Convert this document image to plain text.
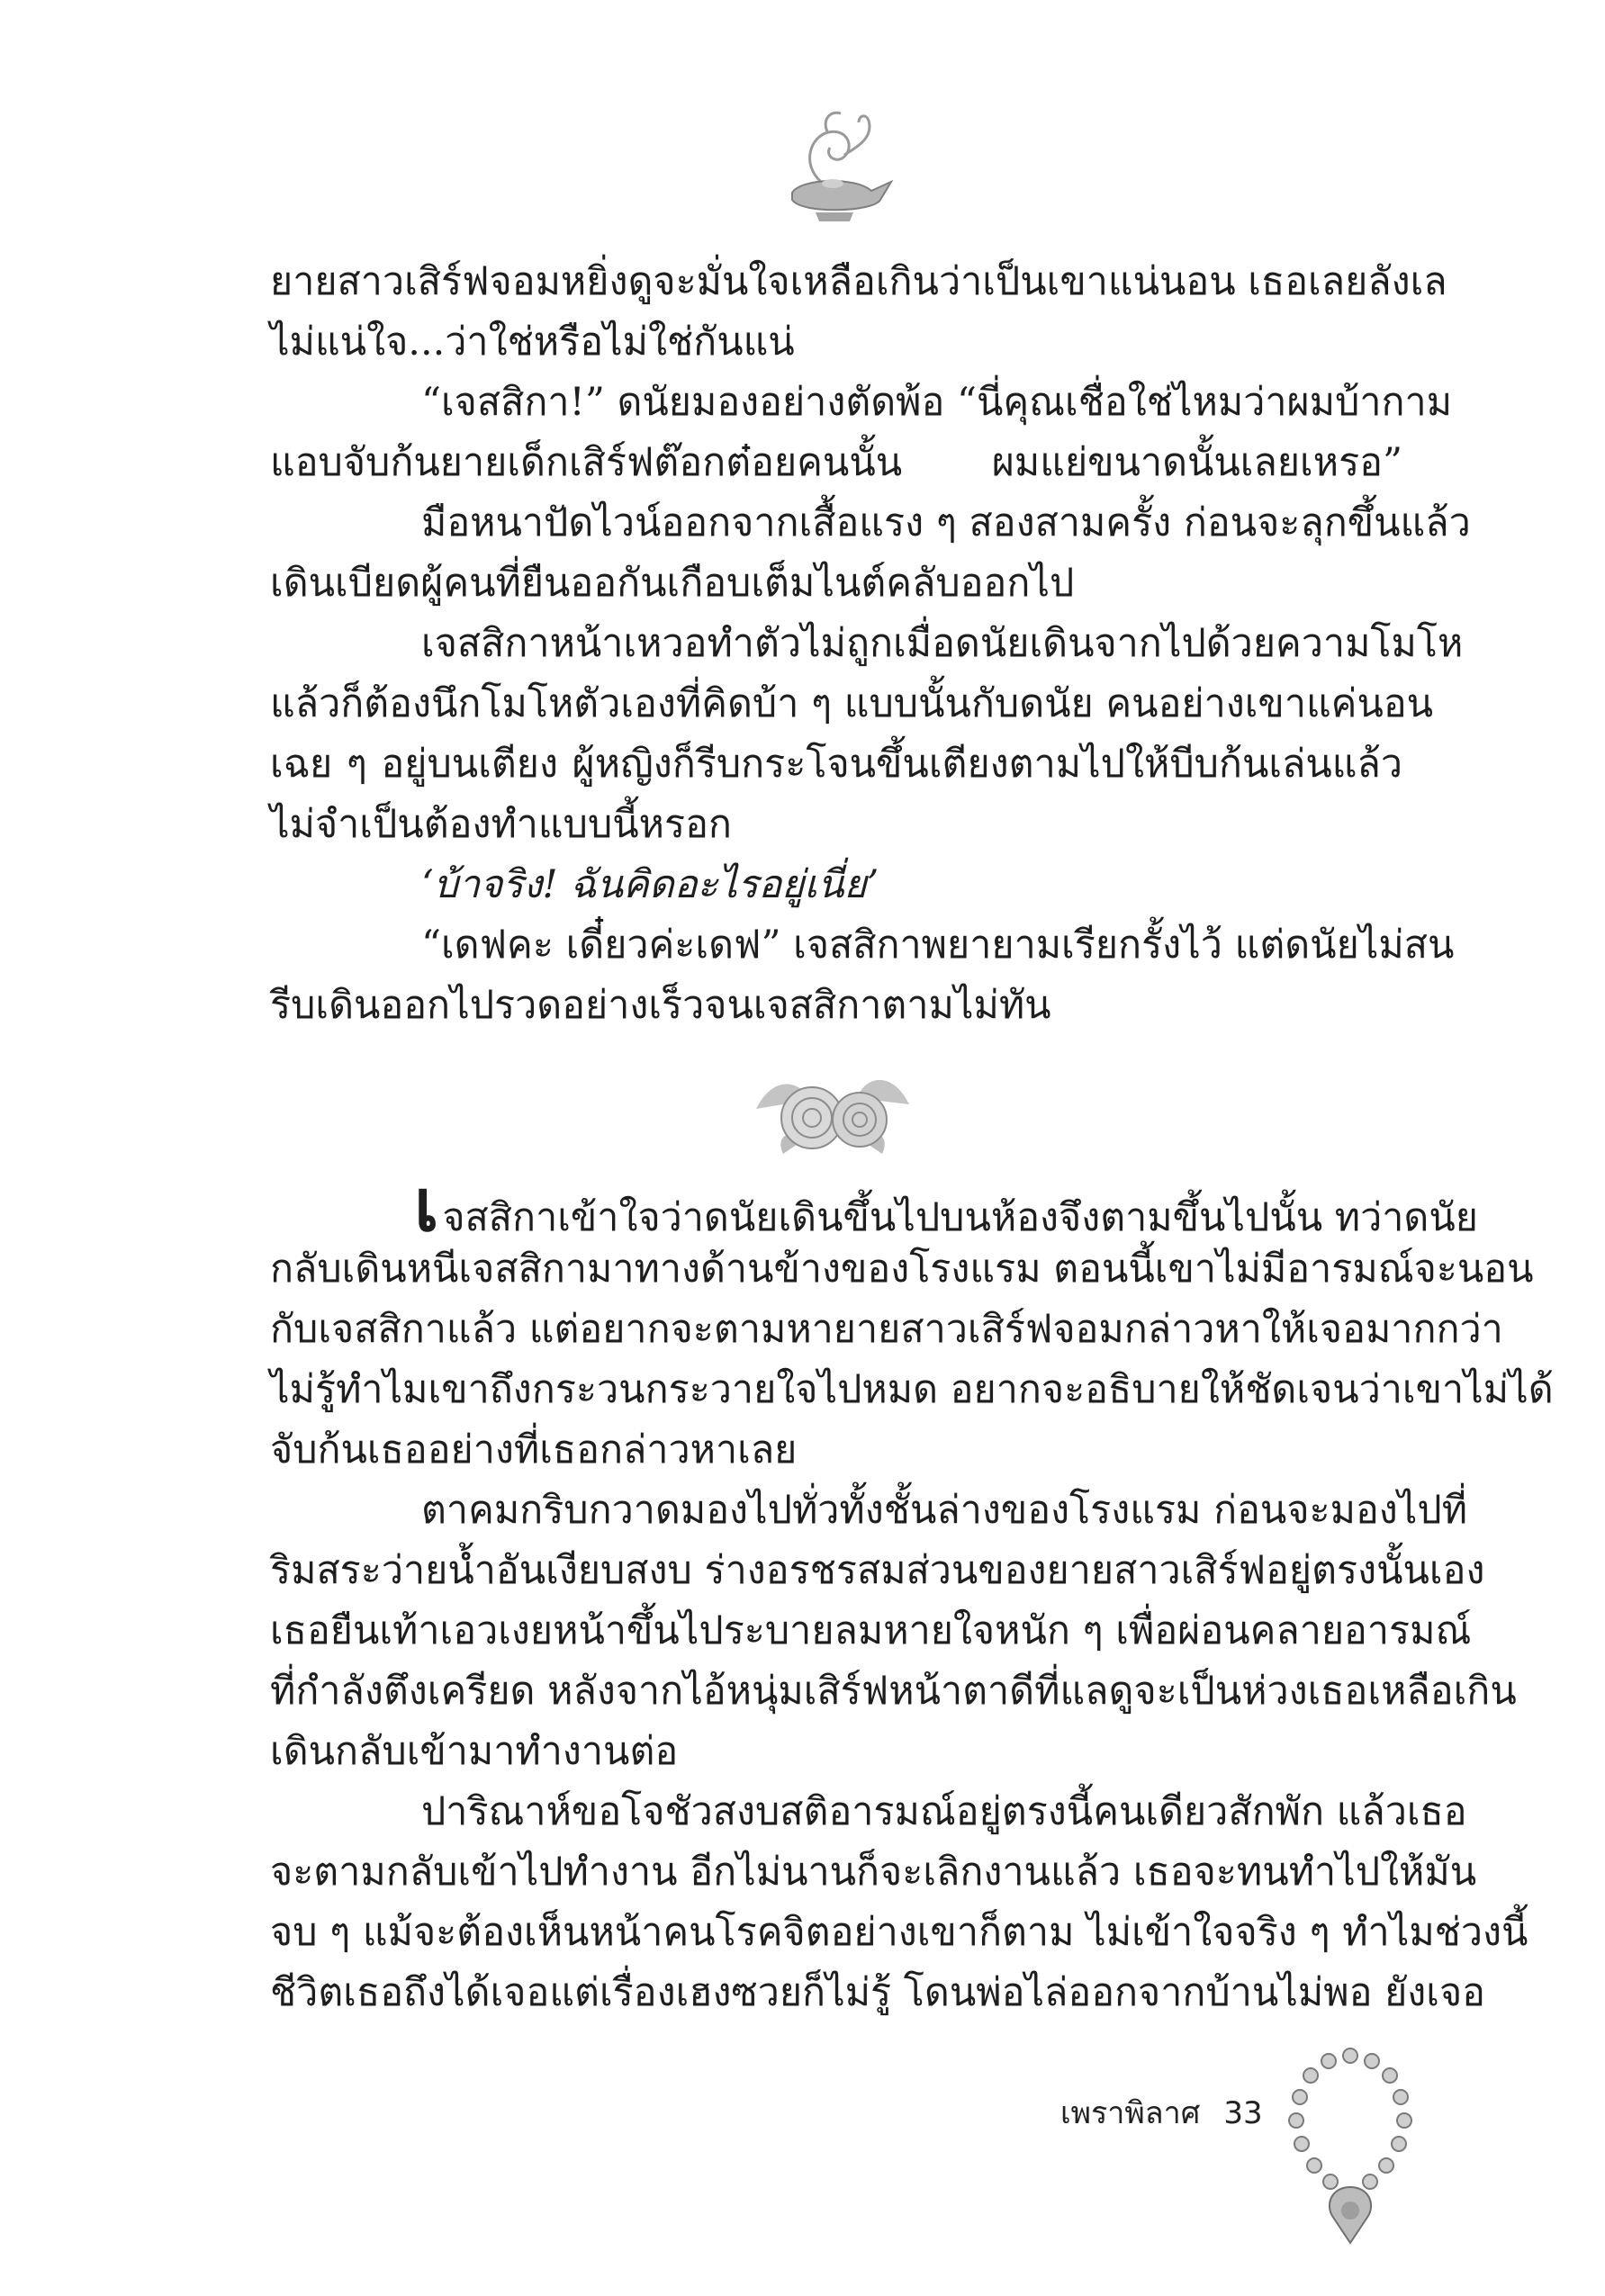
ยายสาวเสิร์ฟจอมหยิ่งดูจะมั่นใจเหลือเกินว่าเป็นเขาแน่นอน เธอเลยลังเล
ไม่แน่ใจ...ว่าใช่หรือไม่ใช่กันแน่
“เจสสิกา!” ดนัยมองอย่างตัดพ้อ “นี่คุณเชื่อใช่ไหมว่าผมบ้ากาม
แอบจับก้นยายเด็กเสิร์ฟต๊อกต๋อยคนนั้น ผมแย่ขนาดนั้นเลยเหรอ”
มือหนาปัดไวน์ออกจากเสื้อแรง ๆ สองสามครั้ง ก่อนจะลุกขึ้นแล้ว
เดินเบียดผู้คนที่ยืนออกันเกือบเต็มไนต์คลับออกไป
เจสสิกาหน้าเหวอทำตัวไม่ถูกเมื่อดนัยเดินจากไปด้วยความโมโห
แล้วก็ต้องนึกโมโหตัวเองที่คิดบ้า ๆ แบบนั้นกับดนัย คนอย่างเขาแค่นอน
เฉย ๆ อยู่บนเตียง ผู้หญิงก็รีบกระโจนขึ้นเตียงตามไปให้บีบก้นเล่นแล้ว
ไม่จำเป็นต้องทำแบบนี้หรอก
‘บ้าจริง! ฉันคิดอะไรอยู่เนี่ย’
“เดฟคะ เดี๋ยวค่ะเดฟ” เจสสิกาพยายามเรียกรั้งไว้ แต่ดนัยไม่สน
รีบเดินออกไปรวดอย่างเร็วจนเจสสิกาตามไม่ทัน
เจสสิกาเข้าใจว่าดนัยเดินขึ้นไปบนห้องจึงตามขึ้นไปนั้น ทว่าดนัย
กลับเดินหนีเจสสิกามาทางด้านข้างของโรงแรม ตอนนี้เขาไม่มีอารมณ์จะนอน
กับเจสสิกาแล้ว แต่อยากจะตามหายายสาวเสิร์ฟจอมกล่าวหาให้เจอมากกว่า
ไม่รู้ทำไมเขาถึงกระวนกระวายใจไปหมด อยากจะอธิบายให้ชัดเจนว่าเขาไม่ได้
จับก้นเธออย่างที่เธอกล่าวหาเลย
ตาคมกริบกวาดมองไปทั่วทั้งชั้นล่างของโรงแรม ก่อนจะมองไปที่
ริมสระว่ายน้ำอันเงียบสงบ ร่างอรชรสมส่วนของยายสาวเสิร์ฟอยู่ตรงนั้นเอง
เธอยืนเท้าเอวเงยหน้าขึ้นไประบายลมหายใจหนัก ๆ เพื่อผ่อนคลายอารมณ์
ที่กำลังตึงเครียด หลังจากไอ้หนุ่มเสิร์ฟหน้าตาดีที่แลดูจะเป็นห่วงเธอเหลือเกิน
เดินกลับเข้ามาทำงานต่อ
ปาริณาห์ขอโจชัวสงบสติอารมณ์อยู่ตรงนี้คนเดียวสักพัก แล้วเธอ
จะตามกลับเข้าไปทำงาน อีกไม่นานก็จะเลิกงานแล้ว เธอจะทนทำไปให้มัน
จบ ๆ แม้จะต้องเห็นหน้าคนโรคจิตอย่างเขาก็ตาม ไม่เข้าใจจริง ๆ ทำไมช่วงนี้
ชีวิตเธอถึงได้เจอแต่เรื่องเฮงซวยก็ไม่รู้ โดนพ่อไล่ออกจากบ้านไม่พอ ยังเจอ
เพราพิลาศ 33
